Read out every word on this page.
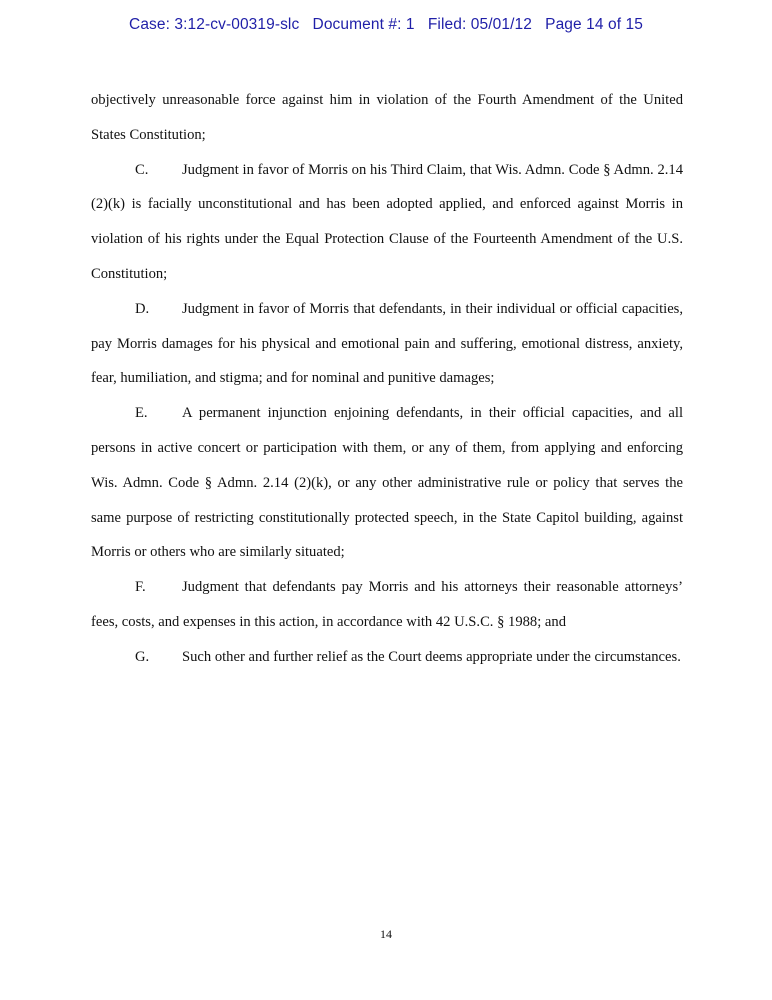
Case: 3:12-cv-00319-slc   Document #: 1   Filed: 05/01/12   Page 14 of 15

objectively unreasonable force against him in violation of the Fourth Amendment of the United States Constitution;

C. Judgment in favor of Morris on his Third Claim, that Wis. Admn. Code § Admn. 2.14 (2)(k) is facially unconstitutional and has been adopted applied, and enforced against Morris in violation of his rights under the Equal Protection Clause of the Fourteenth Amendment of the U.S. Constitution;

D. Judgment in favor of Morris that defendants, in their individual or official capacities, pay Morris damages for his physical and emotional pain and suffering, emotional distress, anxiety, fear, humiliation, and stigma; and for nominal and punitive damages;

E. A permanent injunction enjoining defendants, in their official capacities, and all persons in active concert or participation with them, or any of them, from applying and enforcing Wis. Admn. Code § Admn. 2.14 (2)(k), or any other administrative rule or policy that serves the same purpose of restricting constitutionally protected speech, in the State Capitol building, against Morris or others who are similarly situated;

F. Judgment that defendants pay Morris and his attorneys their reasonable attorneys’ fees, costs, and expenses in this action, in accordance with 42 U.S.C. § 1988; and

G. Such other and further relief as the Court deems appropriate under the circumstances.

14
